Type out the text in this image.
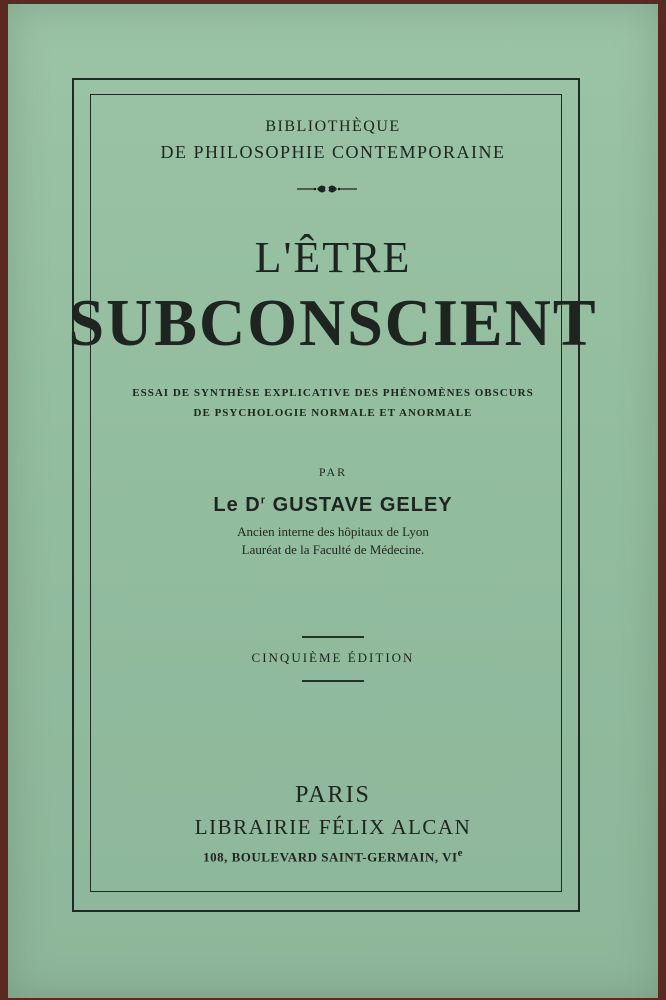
BIBLIOTHÈQUE
DE PHILOSOPHIE CONTEMPORAINE
L'ÊTRE
SUBCONSCIENT
ESSAI DE SYNTHÈSE EXPLICATIVE DES PHÉNOMÈNES OBSCURS
DE PSYCHOLOGIE NORMALE ET ANORMALE
PAR
Le $D^r$ GUSTAVE GELEY
Ancien interne des hôpitaux de Lyon
Lauréat de la Faculté de Médecine.
CINQUIÈME ÉDITION
PARIS
LIBRAIRIE FÉLIX ALCAN
108, BOULEVARD SAINT-GERMAIN, VIe
